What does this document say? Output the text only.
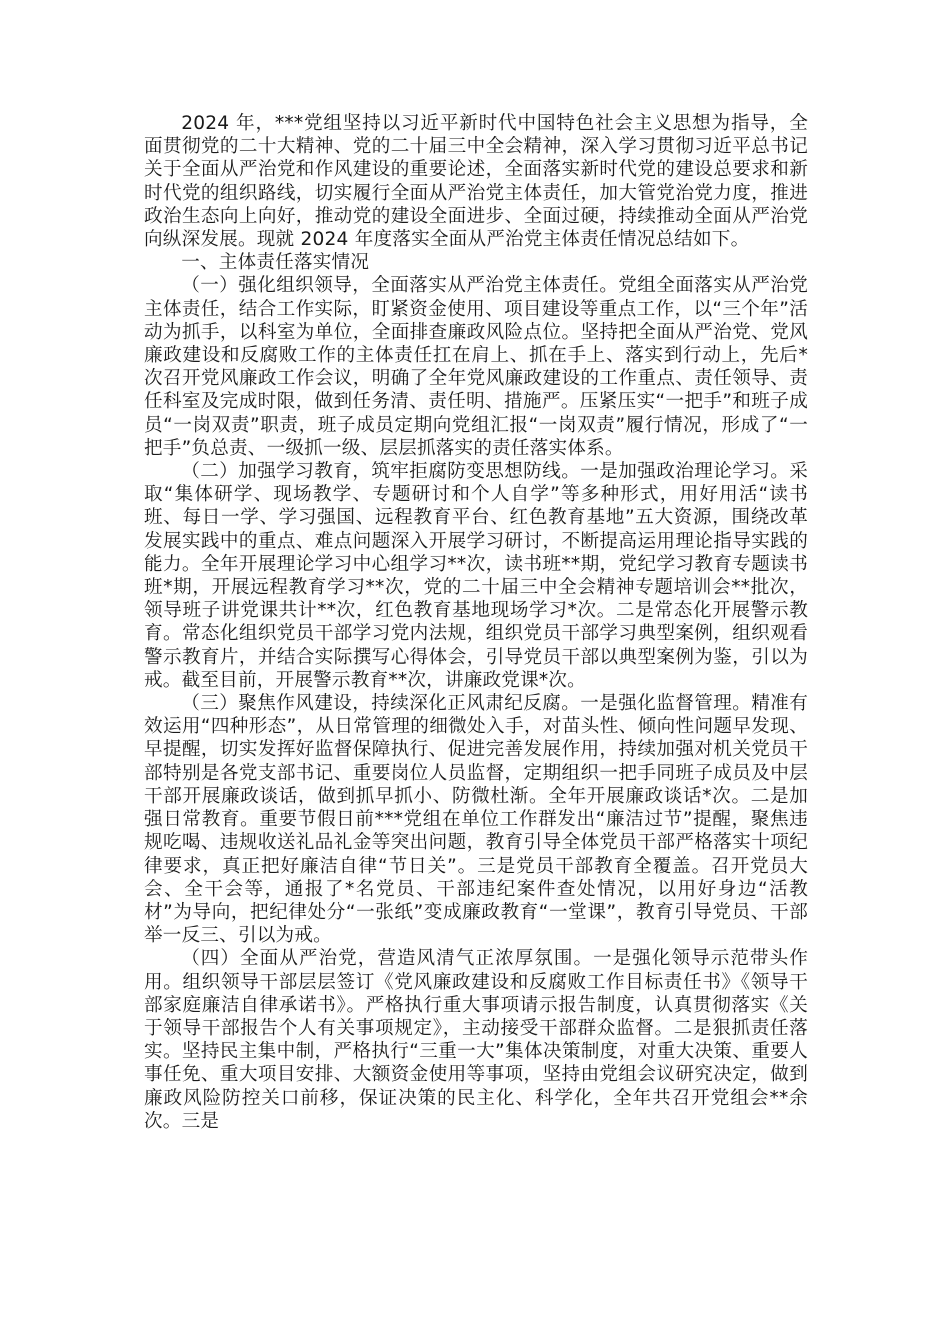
2024 年，***党组坚持以习近平新时代中国特色社会主义思想为指导，全面贯彻党的二十大精神、党的二十届三中全会精神，深入学习贯彻习近平总书记关于全面从严治党和作风建设的重要论述，全面落实新时代党的建设总要求和新时代党的组织路线，切实履行全面从严治党主体责任，加大管党治党力度，推进政治生态向上向好，推动党的建设全面进步、全面过硬，持续推动全面从严治党向纵深发展。现就 2024 年度落实全面从严治党主体责任情况总结如下。

一、主体责任落实情况

（一）强化组织领导，全面落实从严治党主体责任。党组全面落实从严治党主体责任，结合工作实际，盯紧资金使用、项目建设等重点工作，以“三个年”活动为抓手，以科室为单位，全面排查廉政风险点位。坚持把全面从严治党、党风廉政建设和反腐败工作的主体责任扛在肩上、抓在手上、落实到行动上，先后*次召开党风廉政工作会议，明确了全年党风廉政建设的工作重点、责任领导、责任科室及完成时限，做到任务清、责任明、措施严。压紧压实“一把手”和班子成员“一岗双责”职责，班子成员定期向党组汇报“一岗双责”履行情况，形成了“一把手”负总责、一级抓一级、层层抓落实的责任落实体系。

（二）加强学习教育，筑牢拒腐防变思想防线。一是加强政治理论学习。采取“集体研学、现场教学、专题研讨和个人自学”等多种形式，用好用活“读书班、每日一学、学习强国、远程教育平台、红色教育基地”五大资源，围绕改革发展实践中的重点、难点问题深入开展学习研讨，不断提高运用理论指导实践的能力。全年开展理论学习中心组学习**次，读书班**期，党纪学习教育专题读书班*期，开展远程教育学习**次，党的二十届三中全会精神专题培训会**批次，领导班子讲党课共计**次，红色教育基地现场学习*次。二是常态化开展警示教育。常态化组织党员干部学习党内法规，组织党员干部学习典型案例，组织观看警示教育片，并结合实际撰写心得体会，引导党员干部以典型案例为鉴，引以为戒。截至目前，开展警示教育**次，讲廉政党课*次。

（三）聚焦作风建设，持续深化正风肃纪反腐。一是强化监督管理。精准有效运用“四种形态”，从日常管理的细微处入手，对苗头性、倾向性问题早发现、早提醒，切实发挥好监督保障执行、促进完善发展作用，持续加强对机关党员干部特别是各党支部书记、重要岗位人员监督，定期组织一把手同班子成员及中层干部开展廉政谈话，做到抓早抓小、防微杜渐。全年开展廉政谈话*次。二是加强日常教育。重要节假日前***党组在单位工作群发出“廉洁过节”提醒，聚焦违规吃喝、违规收送礼品礼金等突出问题，教育引导全体党员干部严格落实十项纪律要求，真正把好廉洁自律“节日关”。三是党员干部教育全覆盖。召开党员大会、全干会等，通报了*名党员、干部违纪案件查处情况，以用好身边“活教材”为导向，把纪律处分“一张纸”变成廉政教育“一堂课”，教育引导党员、干部举一反三、引以为戒。

（四）全面从严治党，营造风清气正浓厚氛围。一是强化领导示范带头作用。组织领导干部层层签订《党风廉政建设和反腐败工作目标责任书》《领导干部家庭廉洁自律承诺书》。严格执行重大事项请示报告制度，认真贯彻落实《关于领导干部报告个人有关事项规定》，主动接受干部群众监督。二是狠抓责任落实。坚持民主集中制，严格执行“三重一大”集体决策制度，对重大决策、重要人事任免、重大项目安排、大额资金使用等事项，坚持由党组会议研究决定，做到廉政风险防控关口前移，保证决策的民主化、科学化，全年共召开党组会**余次。三是
